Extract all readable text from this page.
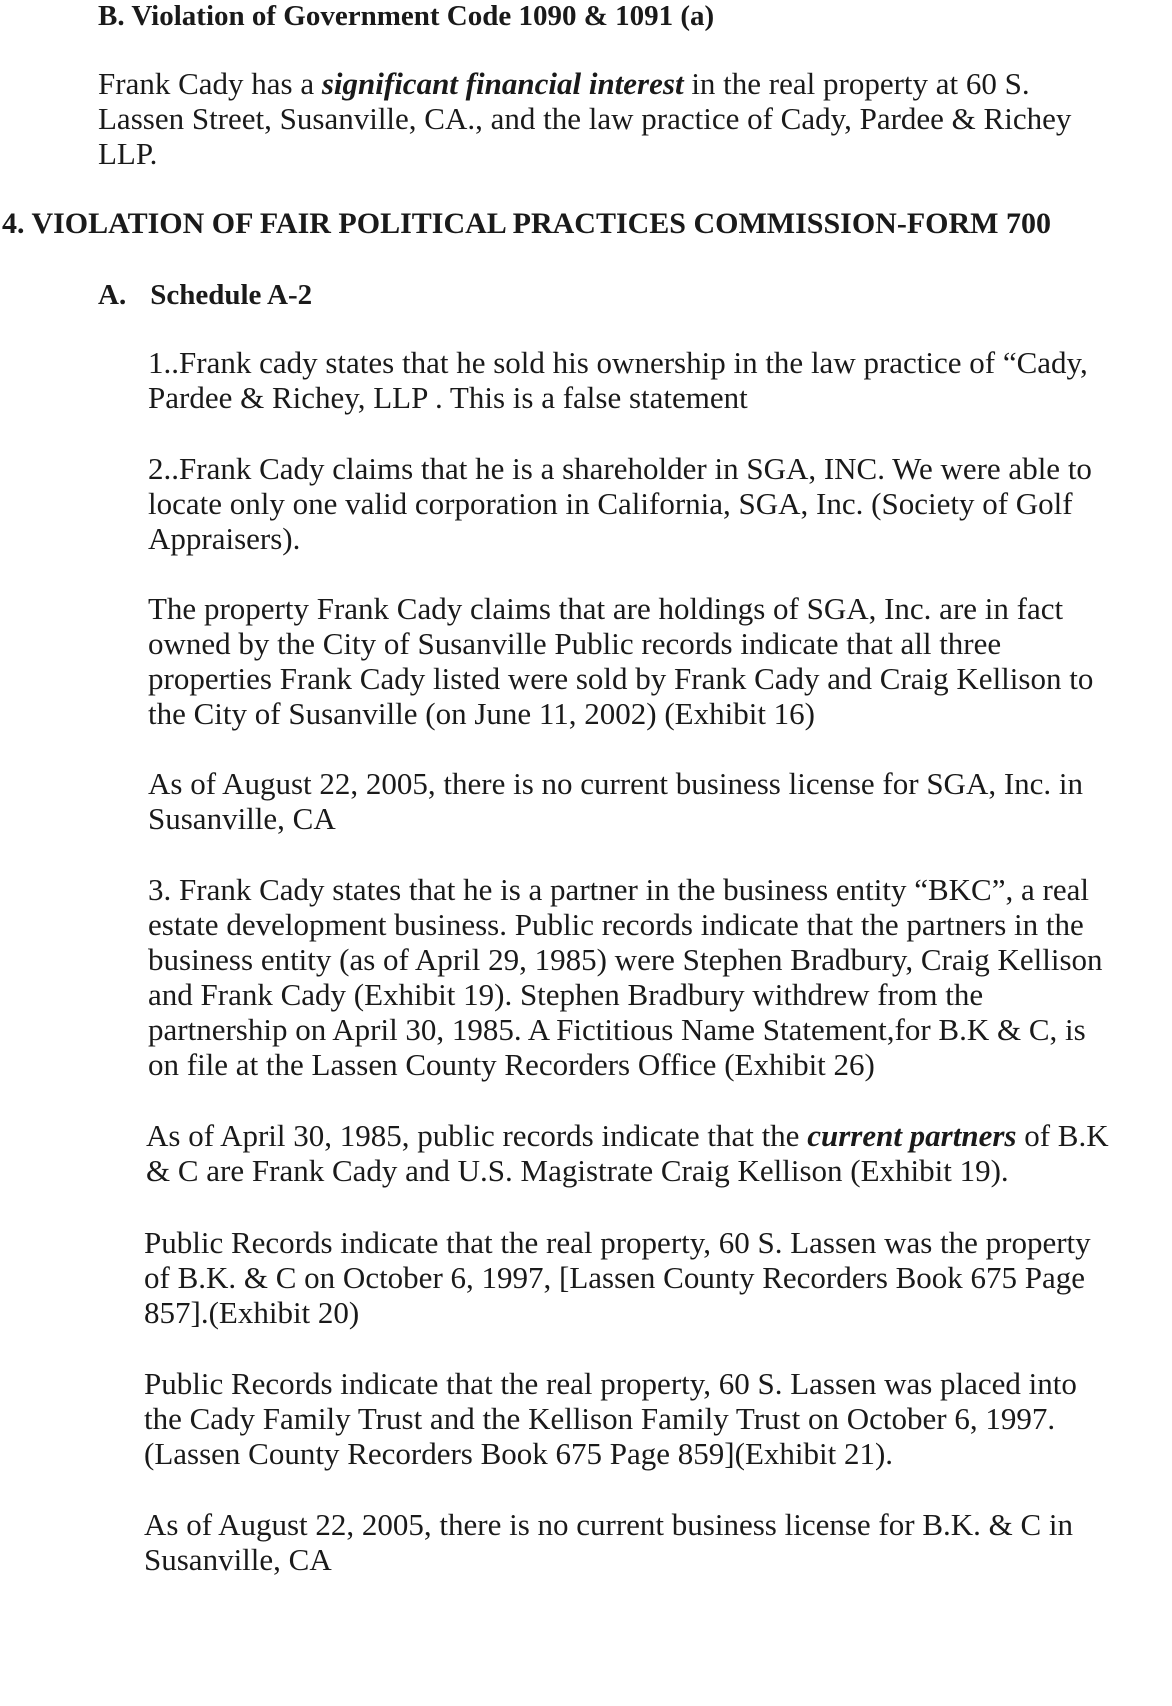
B. Violation of Government Code 1090 & 1091 (a)
Frank Cady has a significant financial interest in the real property at 60 S.
Lassen Street, Susanville, CA., and the law practice of Cady, Pardee & Richey
LLP.
4. VIOLATION OF FAIR POLITICAL PRACTICES COMMISSION-FORM 700
A. Schedule A-2
1..Frank cady states that he sold his ownership in the law practice of “Cady,
Pardee & Richey, LLP . This is a false statement
2..Frank Cady claims that he is a shareholder in SGA, INC. We were able to
locate only one valid corporation in California, SGA, Inc. (Society of Golf
Appraisers).
The property Frank Cady claims that are holdings of SGA, Inc. are in fact
owned by the City of Susanville Public records indicate that all three
properties Frank Cady listed were sold by Frank Cady and Craig Kellison to
the City of Susanville (on June 11, 2002) (Exhibit 16)
As of August 22, 2005, there is no current business license for SGA, Inc. in
Susanville, CA
3. Frank Cady states that he is a partner in the business entity “BKC”, a real
estate development business. Public records indicate that the partners in the
business entity (as of April 29, 1985) were Stephen Bradbury, Craig Kellison
and Frank Cady (Exhibit 19). Stephen Bradbury withdrew from the
partnership on April 30, 1985. A Fictitious Name Statement,for B.K & C, is
on file at the Lassen County Recorders Office (Exhibit 26)
As of April 30, 1985, public records indicate that the current partners of B.K
& C are Frank Cady and U.S. Magistrate Craig Kellison (Exhibit 19).
Public Records indicate that the real property, 60 S. Lassen was the property
of B.K. & C on October 6, 1997, [Lassen County Recorders Book 675 Page
857].(Exhibit 20)
Public Records indicate that the real property, 60 S. Lassen was placed into
the Cady Family Trust and the Kellison Family Trust on October 6, 1997.
(Lassen County Recorders Book 675 Page 859](Exhibit 21).
As of August 22, 2005, there is no current business license for B.K. & C in
Susanville, CA
